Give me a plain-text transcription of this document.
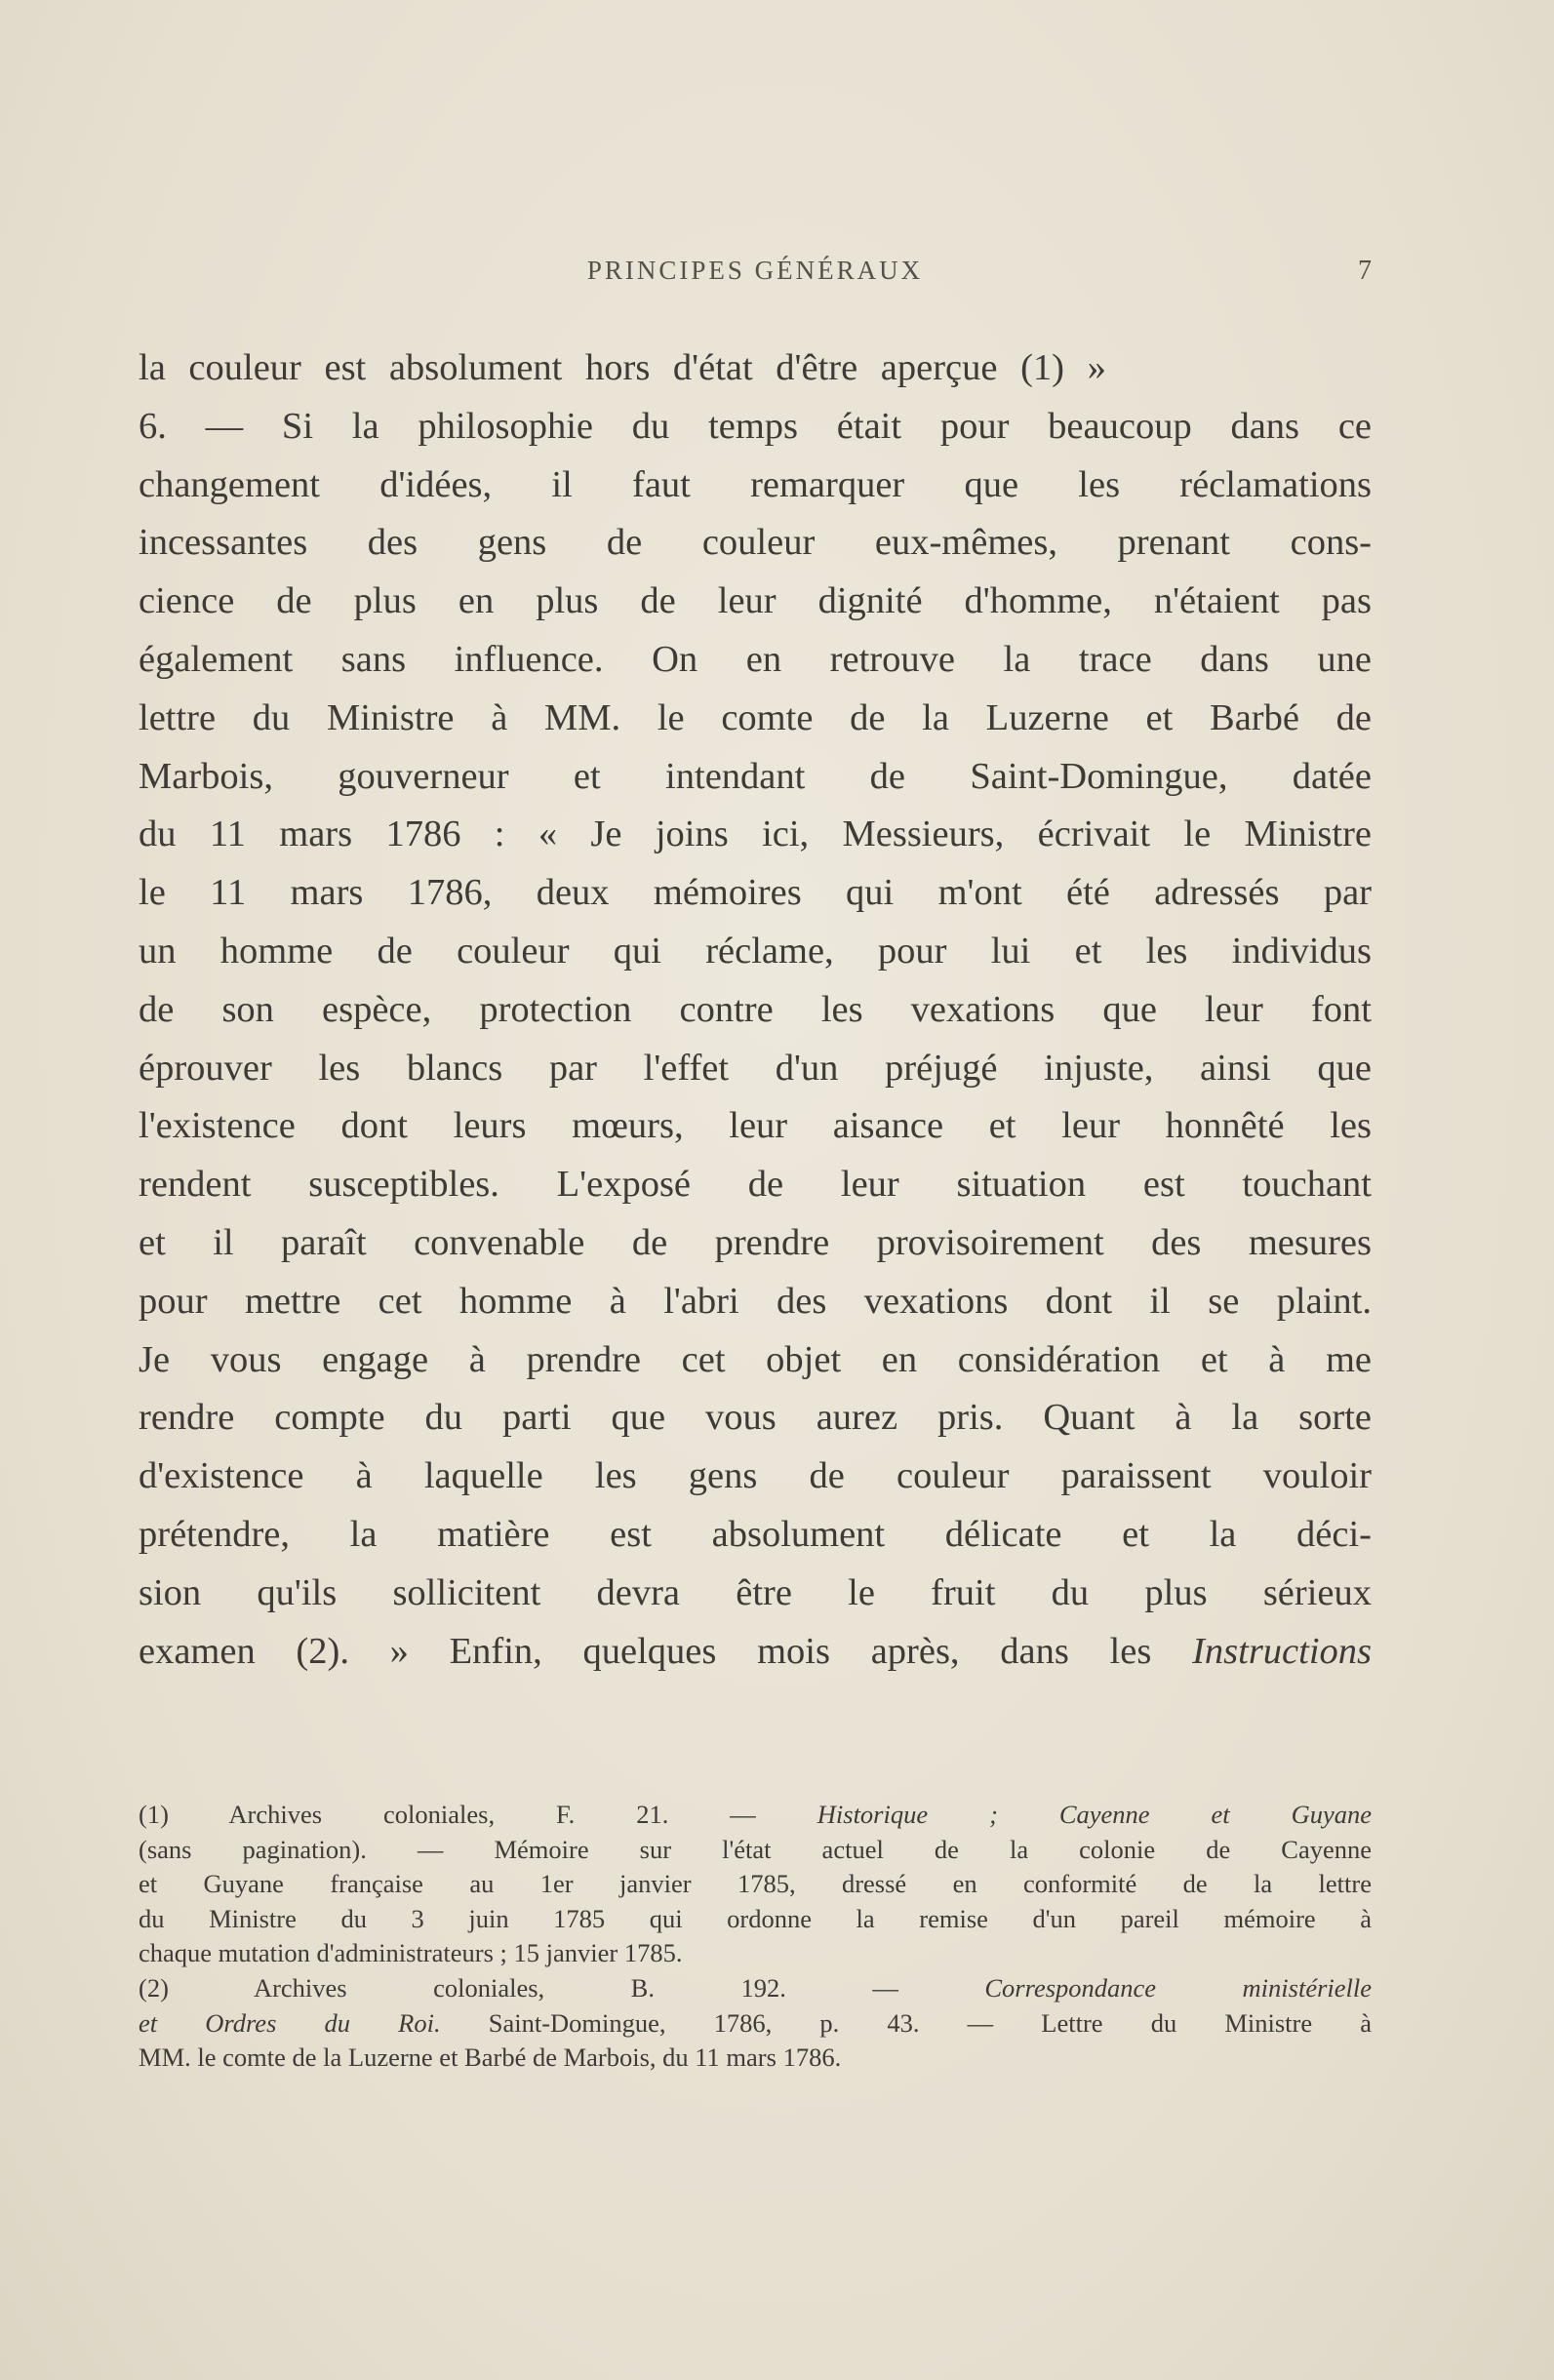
PRINCIPES GÉNÉRAUX	7
la couleur est absolument hors d'état d'être aperçue (1) »
6. — Si la philosophie du temps était pour beaucoup dans ce
changement d'idées, il faut remarquer que les réclamations
incessantes des gens de couleur eux-mêmes, prenant cons-
cience de plus en plus de leur dignité d'homme, n'étaient pas
également sans influence. On en retrouve la trace dans une
lettre du Ministre à MM. le comte de la Luzerne et Barbé de
Marbois, gouverneur et intendant de Saint-Domingue, datée
du 11 mars 1786 : « Je joins ici, Messieurs, écrivait le Ministre
le 11 mars 1786, deux mémoires qui m'ont été adressés par
un homme de couleur qui réclame, pour lui et les individus
de son espèce, protection contre les vexations que leur font
éprouver les blancs par l'effet d'un préjugé injuste, ainsi que
l'existence dont leurs mœurs, leur aisance et leur honnêté les
rendent susceptibles. L'exposé de leur situation est touchant
et il paraît convenable de prendre provisoirement des mesures
pour mettre cet homme à l'abri des vexations dont il se plaint.
Je vous engage à prendre cet objet en considération et à me
rendre compte du parti que vous aurez pris. Quant à la sorte
d'existence à laquelle les gens de couleur paraissent vouloir
prétendre, la matière est absolument délicate et la déci-
sion qu'ils sollicitent devra être le fruit du plus sérieux
examen (2). » Enfin, quelques mois après, dans les Instructions
(1) Archives coloniales, F. 21. — Historique ; Cayenne et Guyane
(sans pagination). — Mémoire sur l'état actuel de la colonie de Cayenne
et Guyane française au 1er janvier 1785, dressé en conformité de la lettre
du Ministre du 3 juin 1785 qui ordonne la remise d'un pareil mémoire à
chaque mutation d'administrateurs ; 15 janvier 1785.
(2) Archives coloniales, B. 192. —	Correspondance ministérielle
et Ordres du Roi. Saint-Domingue, 1786, p. 43. — Lettre du Ministre à
MM. le comte de la Luzerne et Barbé de Marbois, du 11 mars 1786.
